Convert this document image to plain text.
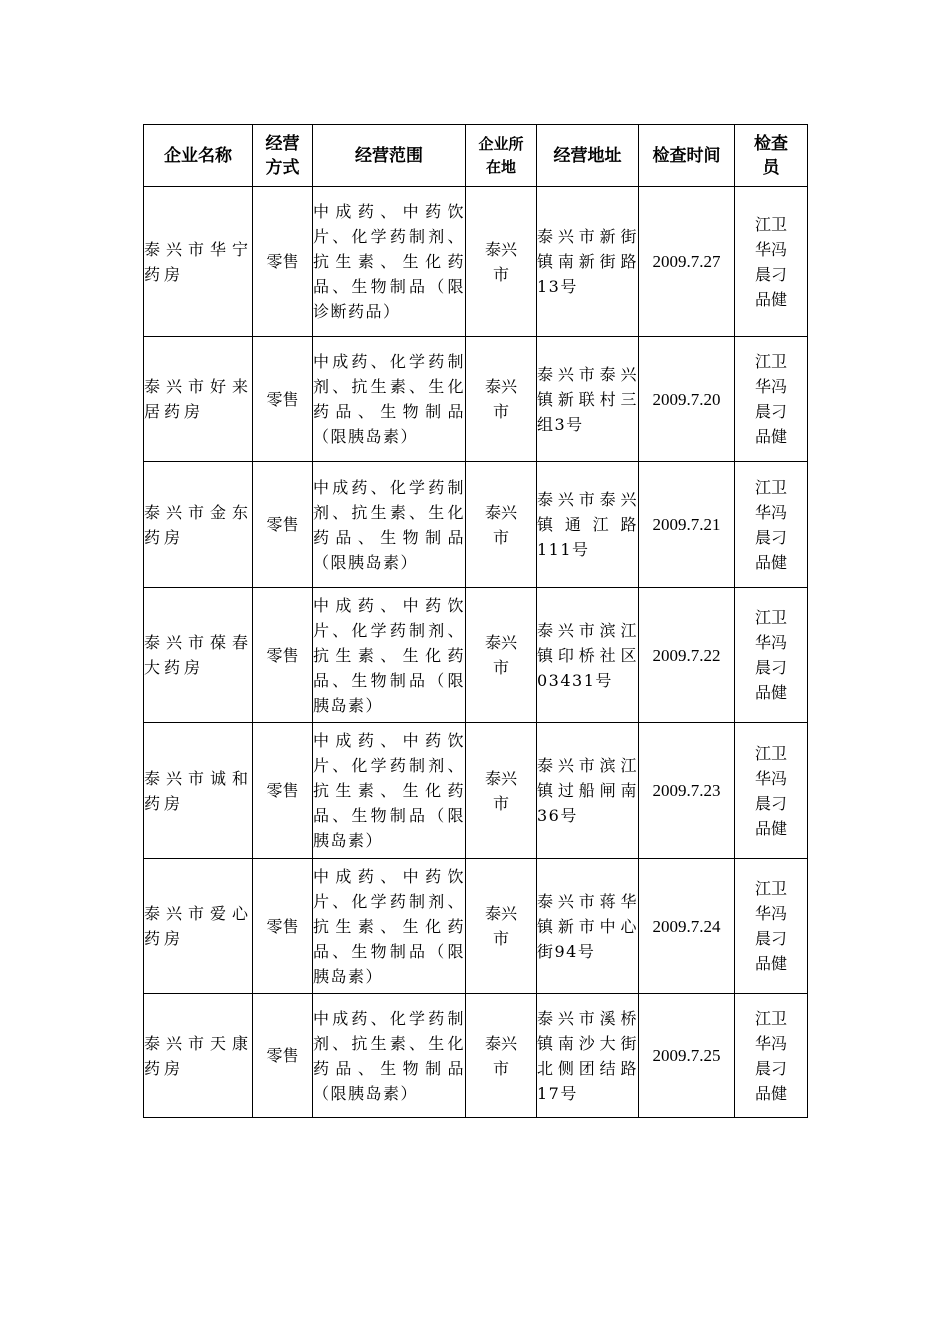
企业名称	经营方式	经营范围	企业所在地	经营地址	检查时间	检查员

泰兴市华宁药房	零售	中成药、中药饮片、化学药制剂、抗生素、生化药品、生物制品（限诊断药品）	泰兴市	泰兴市新街镇南新街路13号	2009.7.27	江卫华冯晨刁品健

泰兴市好来居药房	零售	中成药、化学药制剂、抗生素、生化药品、生物制品（限胰岛素）	泰兴市	泰兴市泰兴镇新联村三组3号	2009.7.20	江卫华冯晨刁品健

泰兴市金东药房	零售	中成药、化学药制剂、抗生素、生化药品、生物制品（限胰岛素）	泰兴市	泰兴市泰兴镇通江路111号	2009.7.21	江卫华冯晨刁品健

泰兴市葆春大药房	零售	中成药、中药饮片、化学药制剂、抗生素、生化药品、生物制品（限胰岛素）	泰兴市	泰兴市滨江镇印桥社区03431号	2009.7.22	江卫华冯晨刁品健

泰兴市诚和药房	零售	中成药、中药饮片、化学药制剂、抗生素、生化药品、生物制品（限胰岛素）	泰兴市	泰兴市滨江镇过船闸南36号	2009.7.23	江卫华冯晨刁品健

泰兴市爱心药房	零售	中成药、中药饮片、化学药制剂、抗生素、生化药品、生物制品（限胰岛素）	泰兴市	泰兴市蒋华镇新市中心街94号	2009.7.24	江卫华冯晨刁品健

泰兴市天康药房	零售	中成药、化学药制剂、抗生素、生化药品、生物制品（限胰岛素）	泰兴市	泰兴市溪桥镇南沙大街北侧团结路17号	2009.7.25	江卫华冯晨刁品健
